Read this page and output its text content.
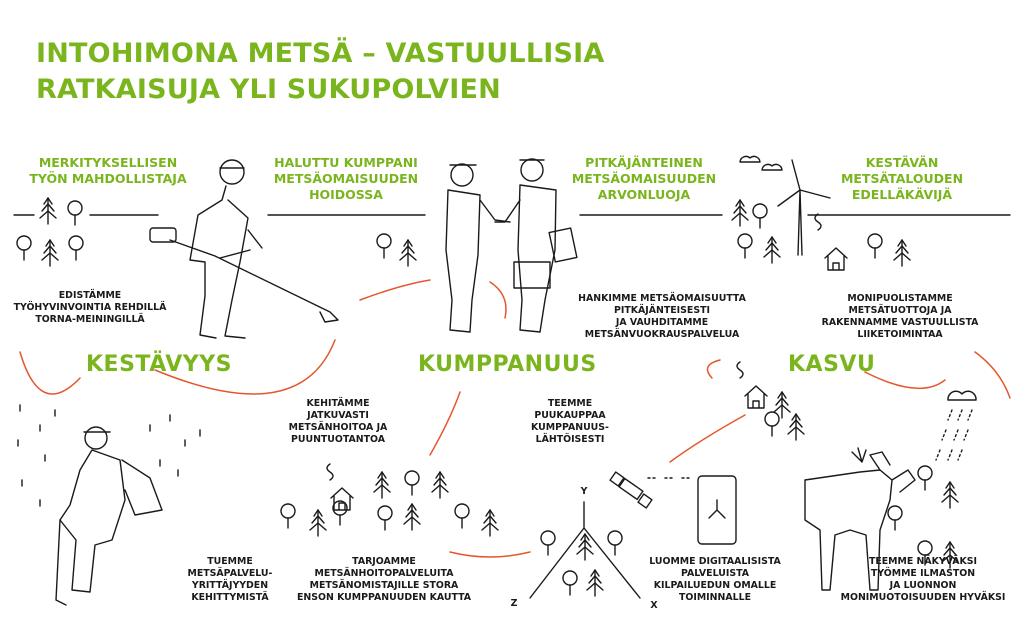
INTOHIMONA METSÄ – VASTUULLISIA
RATKAISUJA YLI SUKUPOLVIEN
MERKITYKSELLISEN
TYÖN MAHDOLLISTAJA
HALUTTU KUMPPANI
METSÄOMAISUUDEN
HOIDOSSA
PITKÄJÄNTEINEN
METSÄOMAISUUDEN
ARVONLUOJA
KESTÄVÄN
METSÄTALOUDEN
EDELLÄKÄVIJÄ
KESTÄVYYS	KUMPPANUUS	KASVU
EDISTÄMME
TYÖHYVINVOINTIA REHDILLÄ
TORNA-MEININGILLÄ
HANKIMME METSÄOMAISUUTTA
PITKÄJÄNTEISESTI
JA VAUHDITAMME
METSÄNVUOKRAUSPALVELUA
MONIPUOLISTAMME
METSÄTUOTTOJA JA
RAKENNAMME VASTUULLISTA
LIIKETOIMINTAA
KEHITÄMME
JATKUVASTI
METSÄNHOITOA JA
PUUNTUOTANTOA
TEEMME
PUUKAUPPAA
KUMPPANUUS-
LÄHTÖISESTI
TUEMME
METSÄPALVELU-
YRITTÄJYYDEN
KEHITTYMISTÄ
TARJOAMME
METSÄNHOITOPALVELUITA
METSÄNOMISTAJILLE STORA
ENSON KUMPPANUUDEN KAUTTA
LUOMME DIGITAALISISTA
PALVELUISTA
KILPAILUEDUN OMALLE
TOIMINNALLE
TEEMME NÄKYVÄKSI
TYÖMME ILMASTON
JA LUONNON
MONIMUOTOISUUDEN HYVÄKSI
Y
Z	X
